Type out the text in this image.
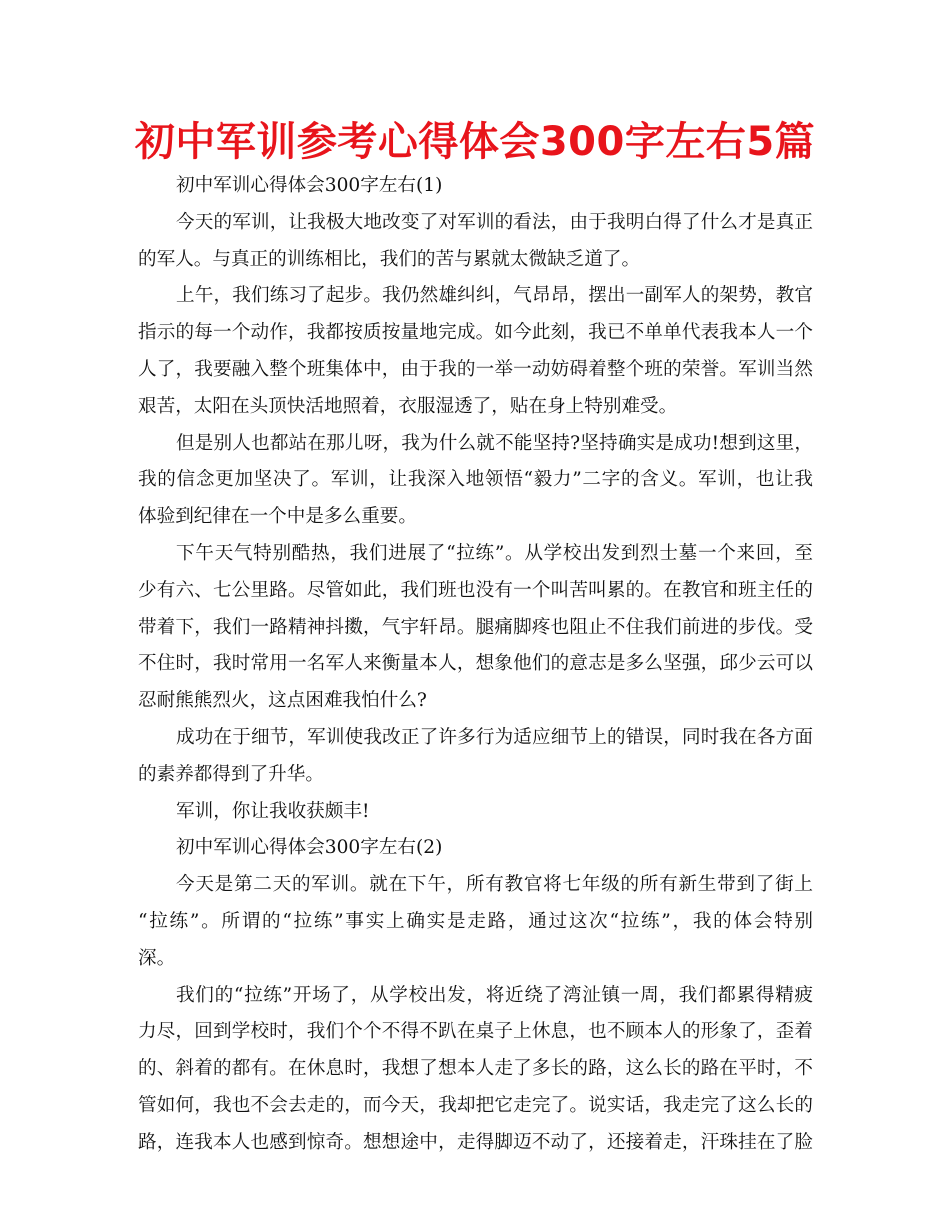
初中军训参考心得体会300字左右5篇
初中军训心得体会300字左右(1)
今天的军训，让我极大地改变了对军训的看法，由于我明白得了什么才是真正
的军人。与真正的训练相比，我们的苦与累就太微缺乏道了。
上午，我们练习了起步。我仍然雄纠纠，气昂昂，摆出一副军人的架势，教官
指示的每一个动作，我都按质按量地完成。如今此刻，我已不单单代表我本人一个
人了，我要融入整个班集体中，由于我的一举一动妨碍着整个班的荣誉。军训当然
艰苦，太阳在头顶快活地照着，衣服湿透了，贴在身上特别难受。
但是别人也都站在那儿呀，我为什么就不能坚持?坚持确实是成功!想到这里，
我的信念更加坚决了。军训，让我深入地领悟“毅力”二字的含义。军训，也让我
体验到纪律在一个中是多么重要。
下午天气特别酷热，我们进展了“拉练”。从学校出发到烈士墓一个来回，至
少有六、七公里路。尽管如此，我们班也没有一个叫苦叫累的。在教官和班主任的
带着下，我们一路精神抖擞，气宇轩昂。腿痛脚疼也阻止不住我们前进的步伐。受
不住时，我时常用一名军人来衡量本人，想象他们的意志是多么坚强，邱少云可以
忍耐熊熊烈火，这点困难我怕什么?
成功在于细节，军训使我改正了许多行为适应细节上的错误，同时我在各方面
的素养都得到了升华。
军训，你让我收获颇丰!
初中军训心得体会300字左右(2)
今天是第二天的军训。就在下午，所有教官将七年级的所有新生带到了街上
“拉练”。所谓的“拉练”事实上确实是走路，通过这次“拉练”，我的体会特别
深。
我们的“拉练”开场了，从学校出发，将近绕了湾沚镇一周，我们都累得精疲
力尽，回到学校时，我们个个不得不趴在桌子上休息，也不顾本人的形象了，歪着
的、斜着的都有。在休息时，我想了想本人走了多长的路，这么长的路在平时，不
管如何，我也不会去走的，而今天，我却把它走完了。说实话，我走完了这么长的
路，连我本人也感到惊奇。想想途中，走得脚迈不动了，还接着走，汗珠挂在了脸
